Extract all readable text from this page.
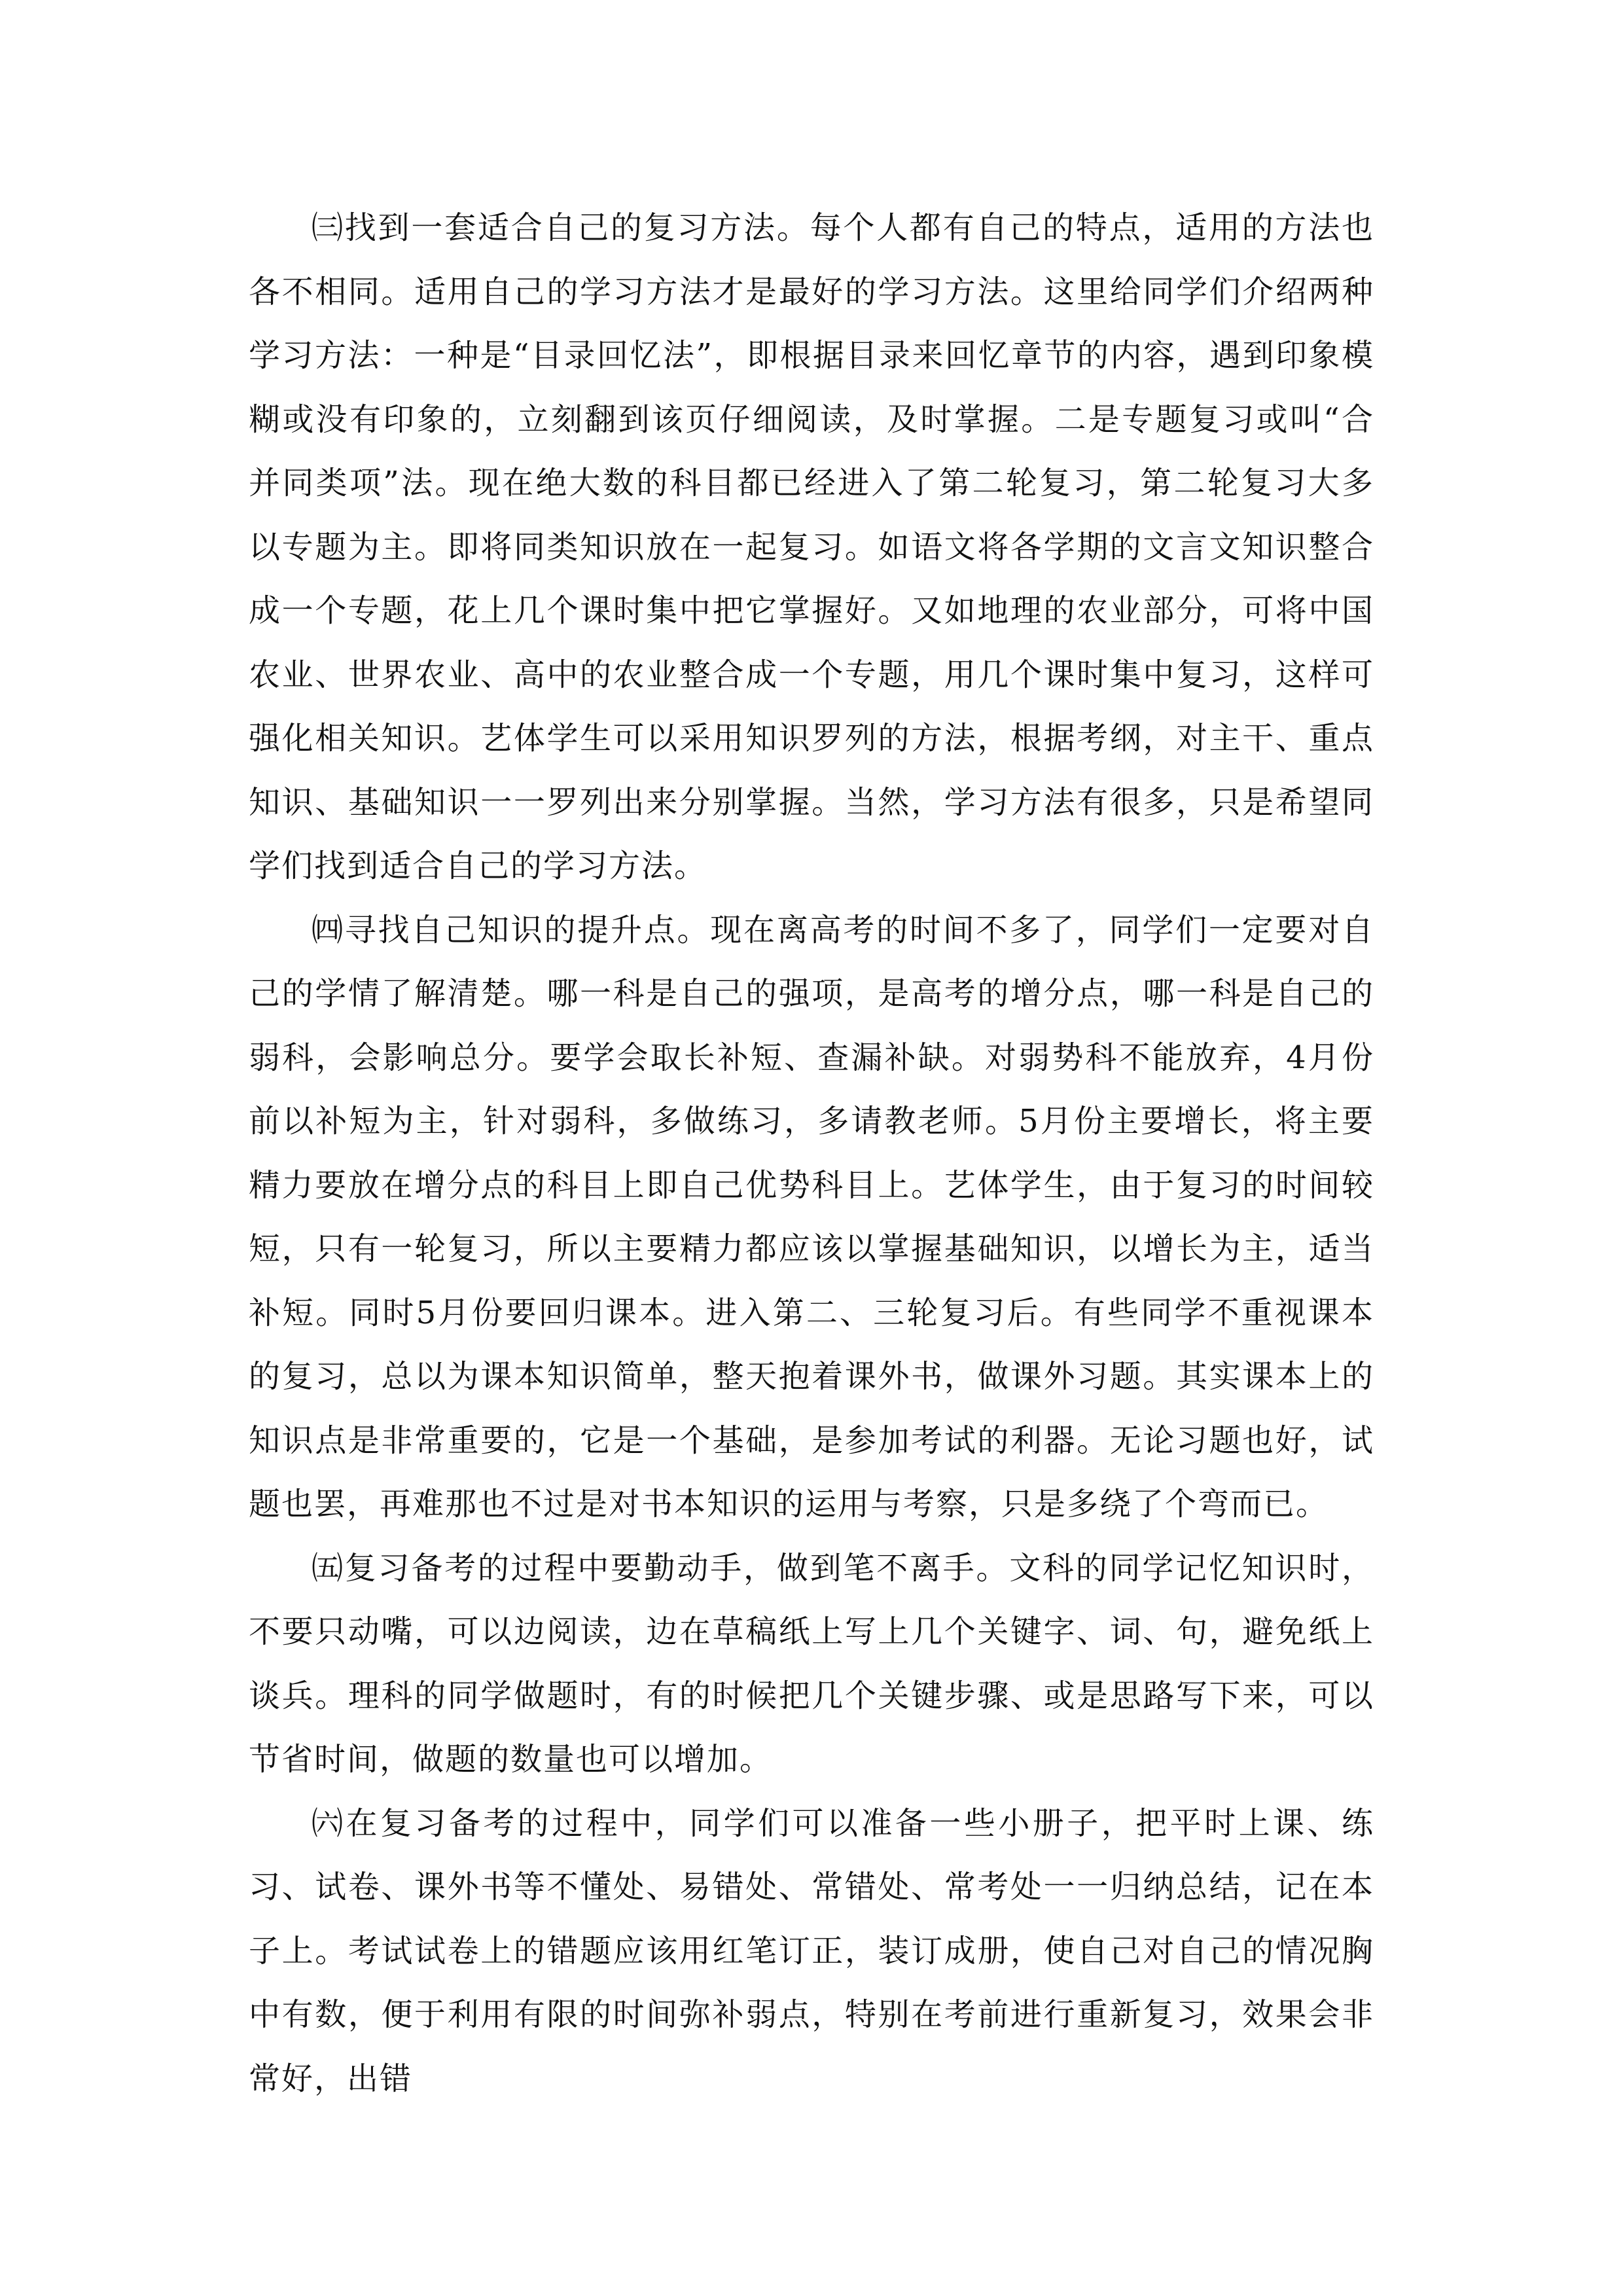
㈢找到一套适合自己的复习方法。每个人都有自己的特点，适用的方法也各不相同。适用自己的学习方法才是最好的学习方法。这里给同学们介绍两种学习方法：一种是“目录回忆法”，即根据目录来回忆章节的内容，遇到印象模糊或没有印象的，立刻翻到该页仔细阅读，及时掌握。二是专题复习或叫“合并同类项”法。现在绝大数的科目都已经进入了第二轮复习，第二轮复习大多以专题为主。即将同类知识放在一起复习。如语文将各学期的文言文知识整合成一个专题，花上几个课时集中把它掌握好。又如地理的农业部分，可将中国农业、世界农业、高中的农业整合成一个专题，用几个课时集中复习，这样可强化相关知识。艺体学生可以采用知识罗列的方法，根据考纲，对主干、重点知识、基础知识一一罗列出来分别掌握。当然，学习方法有很多，只是希望同学们找到适合自己的学习方法。

㈣寻找自己知识的提升点。现在离高考的时间不多了，同学们一定要对自己的学情了解清楚。哪一科是自己的强项，是高考的增分点，哪一科是自己的弱科，会影响总分。要学会取长补短、查漏补缺。对弱势科不能放弃，4月份前以补短为主，针对弱科，多做练习，多请教老师。5月份主要增长，将主要精力要放在增分点的科目上即自己优势科目上。艺体学生，由于复习的时间较短，只有一轮复习，所以主要精力都应该以掌握基础知识，以增长为主，适当补短。同时5月份要回归课本。进入第二、三轮复习后。有些同学不重视课本的复习，总以为课本知识简单，整天抱着课外书，做课外习题。其实课本上的知识点是非常重要的，它是一个基础，是参加考试的利器。无论习题也好，试题也罢，再难那也不过是对书本知识的运用与考察，只是多绕了个弯而已。

㈤复习备考的过程中要勤动手，做到笔不离手。文科的同学记忆知识时，不要只动嘴，可以边阅读，边在草稿纸上写上几个关键字、词、句，避免纸上谈兵。理科的同学做题时，有的时候把几个关键步骤、或是思路写下来，可以节省时间，做题的数量也可以增加。

㈥在复习备考的过程中，同学们可以准备一些小册子，把平时上课、练习、试卷、课外书等不懂处、易错处、常错处、常考处一一归纳总结，记在本子上。考试试卷上的错题应该用红笔订正，装订成册，使自己对自己的情况胸中有数，便于利用有限的时间弥补弱点，特别在考前进行重新复习，效果会非常好，出错
